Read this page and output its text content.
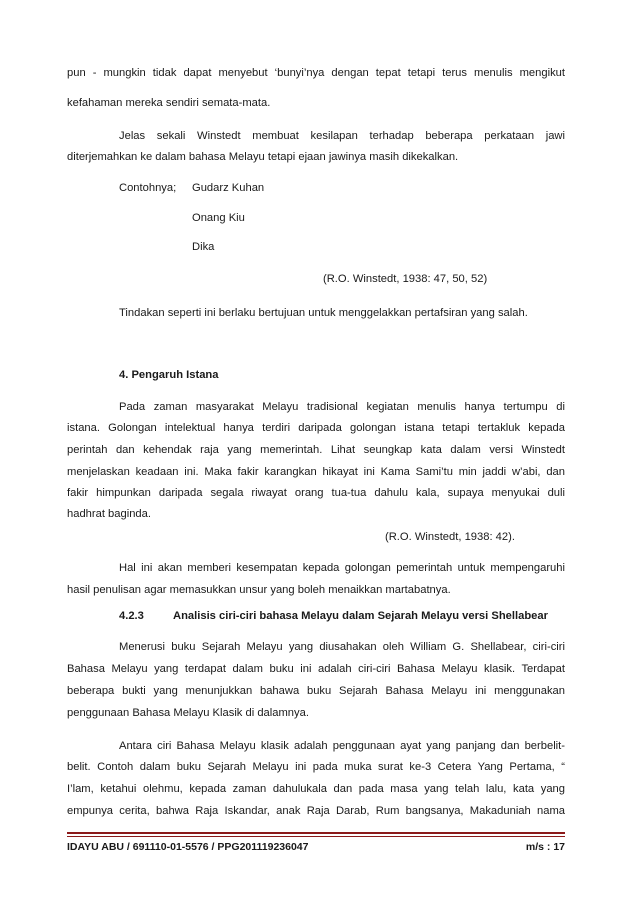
pun - mungkin tidak dapat menyebut ‘bunyi’nya dengan tepat tetapi terus menulis mengikut
kefahaman mereka sendiri semata-mata.
Jelas sekali Winstedt membuat kesilapan terhadap beberapa perkataan jawi
diterjemahkan ke dalam bahasa Melayu tetapi ejaan jawinya masih dikekalkan.
Contohnya; Gudarz Kuhan
Onang Kiu
Dika
(R.O. Winstedt, 1938: 47, 50, 52)
Tindakan seperti ini berlaku bertujuan untuk menggelakkan pertafsiran yang salah.
4. Pengaruh Istana
Pada zaman masyarakat Melayu tradisional kegiatan menulis hanya tertumpu di
istana. Golongan intelektual hanya terdiri daripada golongan istana tetapi tertakluk kepada
perintah dan kehendak raja yang memerintah. Lihat seungkap kata dalam versi Winstedt
menjelaskan keadaan ini. Maka fakir karangkan hikayat ini Kama Sami’tu min jaddi w’abi, dan
fakir himpunkan daripada segala riwayat orang tua-tua dahulu kala, supaya menyukai duli
hadhrat baginda.
(R.O. Winstedt, 1938: 42).
Hal ini akan memberi kesempatan kepada golongan pemerintah untuk mempengaruhi
hasil penulisan agar memasukkan unsur yang boleh menaikkan martabatnya.
4.2.3	Analisis ciri-ciri bahasa Melayu dalam Sejarah Melayu versi Shellabear
Menerusi buku Sejarah Melayu yang diusahakan oleh William G. Shellabear, ciri-ciri
Bahasa Melayu yang terdapat dalam buku ini adalah ciri-ciri Bahasa Melayu klasik. Terdapat
beberapa bukti yang menunjukkan bahawa buku Sejarah Bahasa Melayu ini menggunakan
penggunaan Bahasa Melayu Klasik di dalamnya.
Antara ciri Bahasa Melayu klasik adalah penggunaan ayat yang panjang dan berbelit-
belit. Contoh dalam buku Sejarah Melayu ini pada muka surat ke-3 Cetera Yang Pertama, “
I’lam, ketahui olehmu, kepada zaman dahulukala dan pada masa yang telah lalu, kata yang
empunya cerita, bahwa Raja Iskandar, anak Raja Darab, Rum bangsanya, Makaduniah nama
IDAYU ABU / 691110-01-5576 / PPG201119236047	m/s : 17
